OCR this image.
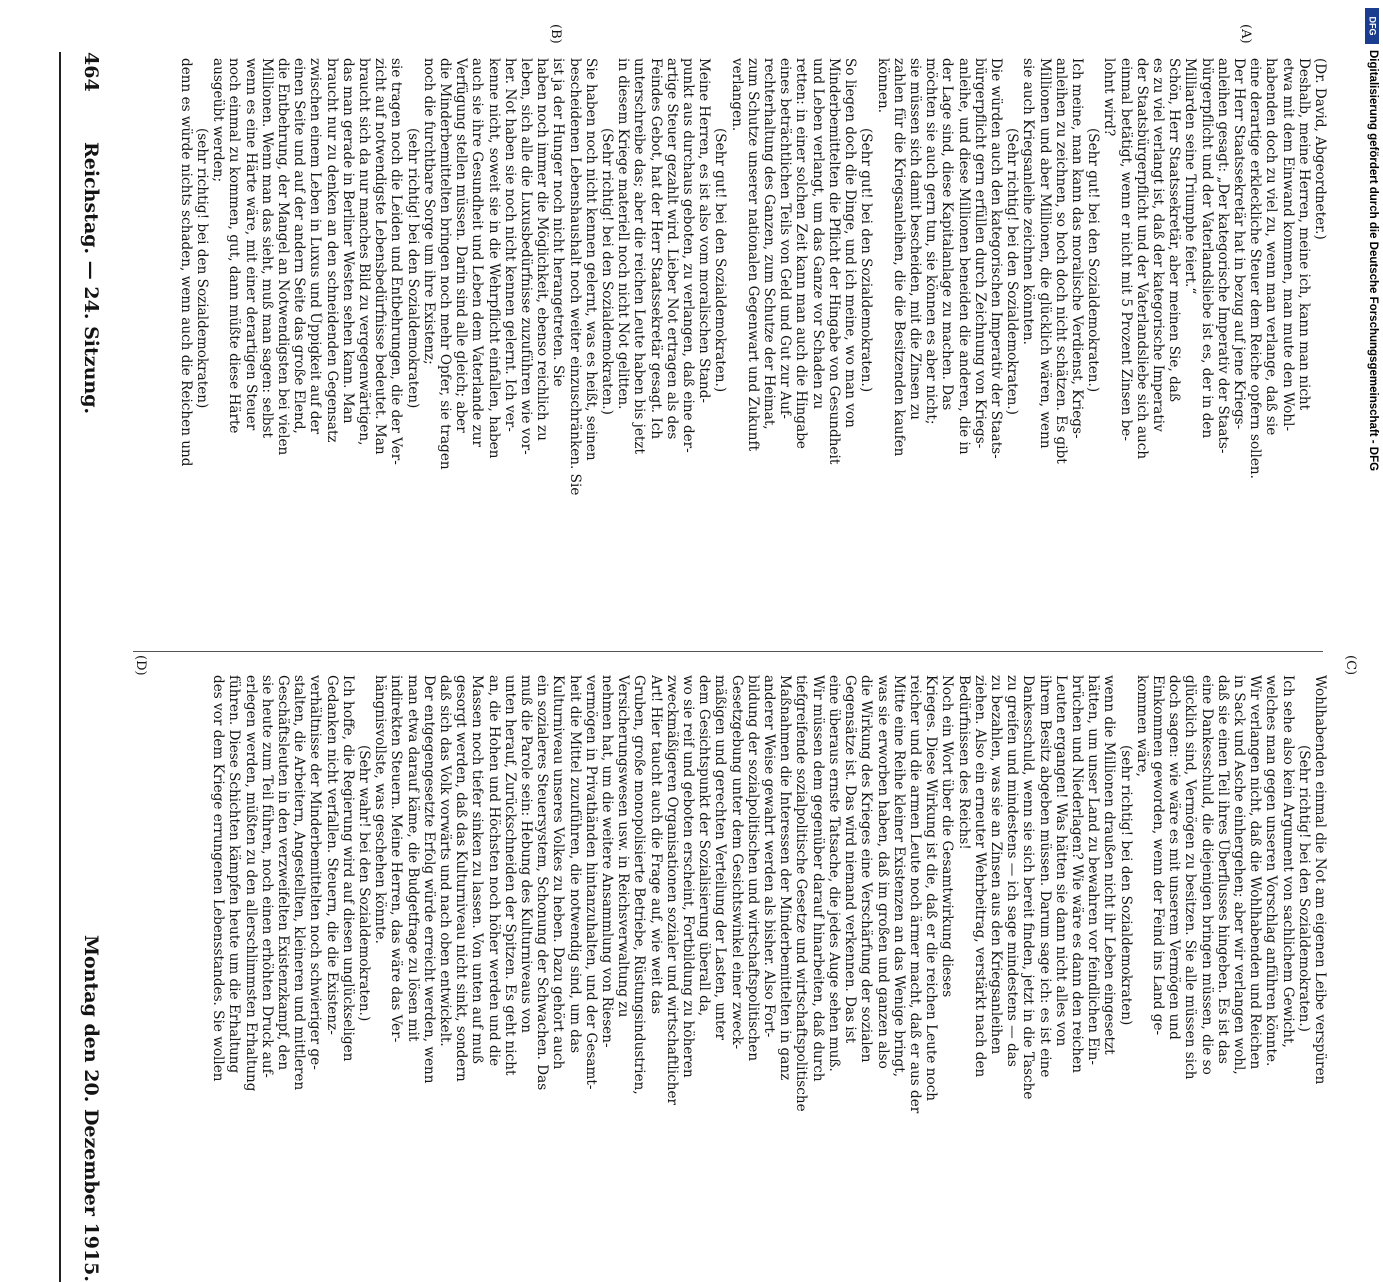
464
Reichstag. — 24. Sitzung.
Montag den 20. Dezember 1915.
(A)
(B)
(C)
(D)
(Dr. David, Abgeordneter.)
Deshalb, meine Herren, meine ich, kann man nicht
etwa mit dem Einwand kommen, man mute den Wohl-
habenden doch zu viel zu, wenn man verlange, daß sie
eine derartige erkleckliche Steuer dem Reiche opfern sollen.
Der Herr Staatssekretär hat in bezug auf jene Kriegs-
anleihen gesagt: „Der kategorische Imperativ der Staats-
bürgerpflicht und der Vaterlandsliebe ist es, der in den
Milliarden seine Triumphe feiert.“
Schön, Herr Staatssekretär, aber meinen Sie, daß
es zu viel verlangt ist, daß der kategorische Imperativ
der Staatsbürgerpflicht und der Vaterlandsliebe sich auch
einmal betätigt, wenn er nicht mit 5 Prozent Zinsen be-
lohnt wird?
(Sehr gut! bei den Sozialdemokraten.)
Ich meine, man kann das moralische Verdienst, Kriegs-
anleihen zu zeichnen, so hoch doch nicht schätzen. Es gibt
Millionen und aber Millionen, die glücklich wären, wenn
sie auch Kriegsanleihe zeichnen könnten.
(Sehr richtig! bei den Sozialdemokraten.)
Die würden auch den kategorischen Imperativ der Staats-
bürgerpflicht gern erfüllen durch Zeichnung von Kriegs-
anleihe, und diese Millionen beneiden die anderen, die in
der Lage sind, diese Kapitalanlage zu machen. Das
möchten sie auch gern tun, sie können es aber nicht;
sie müssen sich damit bescheiden, mit die Zinsen zu
zahlen für die Kriegsanleihen, die die Besitzenden kaufen
können.
(Sehr gut! bei den Sozialdemokraten.)
So liegen doch die Dinge, und ich meine, wo man von
Minderbemittelten die Pflicht der Hingabe von Gesundheit
und Leben verlangt, um das Ganze vor Schaden zu
retten: in einer solchen Zeit kann man auch die Hingabe
eines beträchtlichen Teils von Geld und Gut zur Auf-
rechterhaltung des Ganzen, zum Schutze der Heimat,
zum Schutze unserer nationalen Gegenwart und Zukunft
verlangen.
(Sehr gut! bei den Sozialdemokraten.)
Meine Herren, es ist also vom moralischen Stand-
punkt aus durchaus geboten, zu verlangen, daß eine der-
artige Steuer gezahlt wird. Lieber Not ertragen als des
Feindes Gebot, hat der Herr Staatssekretär gesagt. Ich
unterschreibe das; aber die reichen Leute haben bis jetzt
in diesem Kriege materiell noch nicht Not gelitten.
(Sehr richtig! bei den Sozialdemokraten.)
Sie haben noch nicht kennen gelernt, was es heißt, seinen
bescheidenen Lebenshaushalt noch weiter einzuschränken. Sie
ist ja der Hunger noch nicht herangetreten. Sie
haben noch immer die Möglichkeit, ebenso reichlich zu
leben, sich alle die Luxusbedürfnisse zuzuführen wie vor-
her. Not haben sie noch nicht kennen gelernt. Ich ver-
kenne nicht, soweit sie in die Wehrpflicht einfallen, haben
auch sie ihre Gesundheit und Leben dem Vaterlande zur
Verfügung stellen müssen. Darin sind alle gleich; aber
die Minderbemittelten bringen noch mehr Opfer, sie tragen
noch die furchtbare Sorge um ihre Existenz;
(sehr richtig! bei den Sozialdemokraten)
sie tragen noch die Leiden und Entbehrungen, die der Ver-
zicht auf notwendigste Lebensbedürfnisse bedeutet. Man
braucht sich da nur manches Bild zu vergegenwärtigen,
das man gerade in Berliner Westen sehen kann. Man
braucht nur zu denken an den schneidenden Gegensatz
zwischen einem Leben in Luxus und Üppigkeit auf der
einen Seite und auf der andern Seite das große Elend,
die Entbehrung, der Mangel an Notwendigsten bei vielen
Millionen. Wenn man das sieht, muß man sagen: selbst
wenn es eine Härte wäre, mit einer derartigen Steuer
noch einmal zu kommen, gut, dann müßte diese Härte
ausgeübt werden;
(sehr richtig! bei den Sozialdemokraten)
denn es würde nichts schaden, wenn auch die Reichen und
Wohlhabenden einmal die Not am eigenen Leibe verspüren
(Sehr richtig! bei den Sozialdemokraten.)
Ich sehe also kein Argument von sachlichem Gewicht,
welches man gegen unseren Vorschlag anführen könnte.
Wir verlangen nicht, daß die Wohlhabenden und Reichen
in Sack und Asche einhergehen; aber wir verlangen wohl,
daß sie einen Teil ihres Überflusses hingeben. Es ist das
eine Dankesschuld, die diejenigen bringen müssen, die so
glücklich sind, Vermögen zu besitzen. Sie alle müssen sich
doch sagen: wie wäre es mit unserem Vermögen und
Einkommen geworden, wenn der Feind ins Land ge-
kommen wäre,
(sehr richtig! bei den Sozialdemokraten)
wenn die Millionen draußen nicht ihr Leben eingesetzt
hätten, um unser Land zu bewahren vor feindlichen Ein-
brüchen und Niederlagen? Wie wäre es dann den reichen
Leuten ergangen! Was hätten sie dann nicht alles von
ihrem Besitz abgeben müssen. Darum sage ich: es ist eine
Dankesschuld, wenn sie sich bereit finden, jetzt in die Tasche
zu greifen und mindestens — ich sage mindestens — das
zu bezahlen, was sie an Zinsen aus den Kriegsanleihen
ziehen. Also ein erneuter Wehrbeitrag, verstärkt nach den
Bedürfnissen des Reichs!
Noch ein Wort über die Gesamtwirkung dieses
Krieges. Diese Wirkung ist die, daß er die reichen Leute noch
reicher und die armen Leute noch ärmer macht, daß er aus der
Mitte eine Reihe kleiner Existenzen an das Wenige bringt,
was sie erworben haben, daß im großen und ganzen also
die Wirkung des Krieges eine Verschärfung der sozialen
Gegensätze ist. Das wird niemand verkennen. Das ist
eine überaus ernste Tatsache, die jedes Auge sehen muß.
Wir müssen dem gegenüber darauf hinarbeiten, daß durch
tiefgreifende sozialpolitische Gesetze und wirtschaftspolitische
Maßnahmen die Interessen der Minderbemittelten in ganz
anderer Weise gewahrt werden als bisher. Also Fort-
bildung der sozialpolitischen und wirtschaftspolitischen
Gesetzgebung unter dem Gesichtswinkel einer zweck-
mäßigen und gerechten Verteilung der Lasten, unter
dem Gesichtspunkt der Sozialisierung überall da,
wo sie reif und geboten erscheint, Fortbildung zu höheren
zweckmäßigeren Organisationen sozialer und wirtschaftlicher
Art! Hier taucht auch die Frage auf, wie weit das
Gruben, große monopolisierte Betriebe, Rüstungsindustrien,
Versicherungswesen usw. in Reichsverwaltung zu
nehmen hat, um die weitere Ansammlung von Riesen-
vermögen in Privathänden hintanzuhalten, und der Gesamt-
heit die Mittel zuzuführen, die notwendig sind, um das
Kulturniveau unseres Volkes zu heben. Dazu gehört auch
ein sozialeres Steuersystem, Schonung der Schwachen. Das
muß die Parole sein: Hebung des Kulturniveaus von
unten herauf, Zurückschneiden der Spitzen. Es geht nicht
an, die Hohen und Höchsten noch höher werden und die
Massen noch tiefer sinken zu lassen. Von unten auf muß
gesorgt werden, daß das Kulturniveau nicht sinkt, sondern
daß sich das Volk vorwärts und nach oben entwickelt.
Der entgegengesetzte Erfolg würde erreicht werden, wenn
man etwa darauf käme, die Budgetfrage zu lösen mit
indirekten Steuern. Meine Herren, das wäre das Ver-
hängnisvollste, was geschehen könnte.
(Sehr wahr! bei den Sozialdemokraten.)
Ich hoffe, die Regierung wird auf diesen unglückseligen
Gedanken nicht verfallen. Steuern, die die Existenz-
verhältnisse der Minderbemittelten noch schwieriger ge-
stalten, die Arbeitern, Angestellten, kleineren und mittleren
Geschäftsleuten in den verzweifelten Existenzkampf, den
sie heute zum Teil führen, noch einen erhöhten Druck auf-
erlegen werden, müßten zu den allerschlimmsten Erhaltung
führen. Diese Schichten kämpfen heute um die Erhaltung
des vor dem Kriege errungenen Lebensstandes. Sie wollen
DFG
Digitalisierung gefördert durch die Deutsche Forschungsgemeinschaft - DFG
